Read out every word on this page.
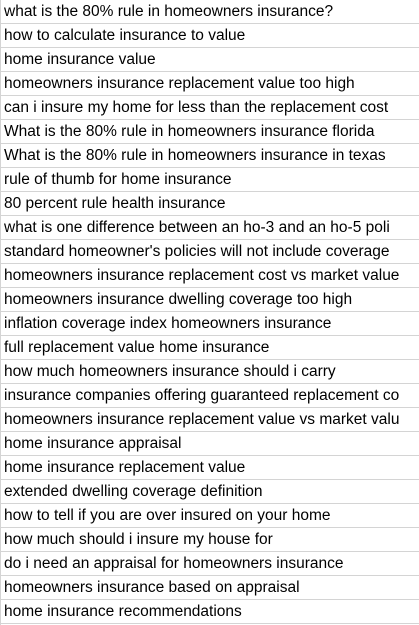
what is the 80% rule in homeowners insurance?
how to calculate insurance to value
home insurance value
homeowners insurance replacement value too high
can i insure my home for less than the replacement cost
What is the 80% rule in homeowners insurance florida
What is the 80% rule in homeowners insurance in texas
rule of thumb for home insurance
80 percent rule health insurance
what is one difference between an ho-3 and an ho-5 poli
standard homeowner's policies will not include coverage
homeowners insurance replacement cost vs market value
homeowners insurance dwelling coverage too high
inflation coverage index homeowners insurance
full replacement value home insurance
how much homeowners insurance should i carry
insurance companies offering guaranteed replacement co
homeowners insurance replacement value vs market valu
home insurance appraisal
home insurance replacement value
extended dwelling coverage definition
how to tell if you are over insured on your home
how much should i insure my house for
do i need an appraisal for homeowners insurance
homeowners insurance based on appraisal
home insurance recommendations
